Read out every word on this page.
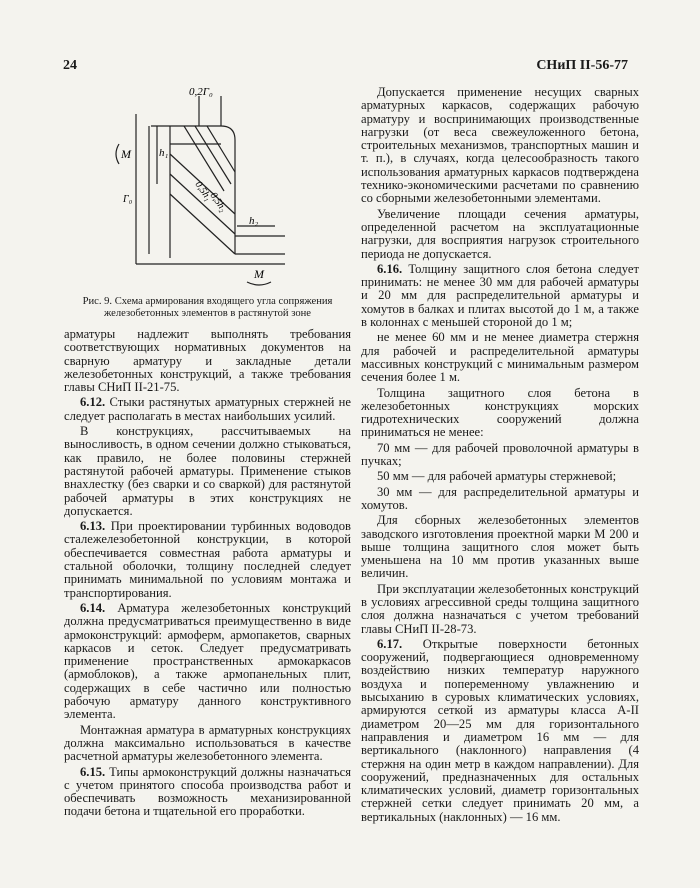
24	СНиП II-56-77
0,2Г₀
M
M
h₁
h₂
0,5h₁
0,5h₂
Г₀
Рис. 9. Схема армирования входящего угла сопряжения железобетонных элементов в растянутой зоне

арматуры надлежит выполнять требования соответствующих нормативных документов на сварную арматуру и закладные детали железобетонных конструкций, а также требования главы СНиП II-21-75.

6.12. Стыки растянутых арматурных стержней не следует располагать в местах наибольших усилий.

В конструкциях, рассчитываемых на выносливость, в одном сечении должно стыковаться, как правило, не более половины стержней растянутой рабочей арматуры. Применение стыков внахлестку (без сварки и со сваркой) для растянутой рабочей арматуры в этих конструкциях не допускается.

6.13. При проектировании турбинных водоводов сталежелезобетонной конструкции, в которой обеспечивается совместная работа арматуры и стальной оболочки, толщину последней следует принимать минимальной по условиям монтажа и транспортирования.

6.14. Арматура железобетонных конструкций должна предусматриваться преимущественно в виде армоконструкций: армоферм, армопакетов, сварных каркасов и сеток. Следует предусматривать применение пространственных армокаркасов (армоблоков), а также армопанельных плит, содержащих в себе частично или полностью рабочую арматуру данного конструктивного элемента.

Монтажная арматура в арматурных конструкциях должна максимально использоваться в качестве расчетной арматуры железобетонного элемента.

6.15. Типы армоконструкций должны назначаться с учетом принятого способа производства работ и обеспечивать возможность механизированной подачи бетона и тщательной его проработки.

Допускается применение несущих сварных арматурных каркасов, содержащих рабочую арматуру и воспринимающих производственные нагрузки (от веса свежеуложенного бетона, строительных механизмов, транспортных машин и т. п.), в случаях, когда целесообразность такого использования арматурных каркасов подтверждена технико-экономическими расчетами по сравнению со сборными железобетонными элементами.

Увеличение площади сечения арматуры, определенной расчетом на эксплуатационные нагрузки, для восприятия нагрузок строительного периода не допускается.

6.16. Толщину защитного слоя бетона следует принимать: не менее 30 мм для рабочей арматуры и 20 мм для распределительной арматуры и хомутов в балках и плитах высотой до 1 м, а также в колоннах с меньшей стороной до 1 м;

не менее 60 мм и не менее диаметра стержня для рабочей и распределительной арматуры массивных конструкций с минимальным размером сечения более 1 м.

Толщина защитного слоя бетона в железобетонных конструкциях морских гидротехнических сооружений должна приниматься не менее:

70 мм — для рабочей проволочной арматуры в пучках;

50 мм — для рабочей арматуры стержневой;

30 мм — для распределительной арматуры и хомутов.

Для сборных железобетонных элементов заводского изготовления проектной марки М 200 и выше толщина защитного слоя может быть уменьшена на 10 мм против указанных выше величин.

При эксплуатации железобетонных конструкций в условиях агрессивной среды толщина защитного слоя должна назначаться с учетом требований главы СНиП II-28-73.

6.17. Открытые поверхности бетонных сооружений, подвергающиеся одновременному воздействию низких температур наружного воздуха и попеременному увлажнению и высыханию в суровых климатических условиях, армируются сеткой из арматуры класса А-II диаметром 20—25 мм для горизонтального направления и диаметром 16 мм — для вертикального (наклонного) направления (4 стержня на один метр в каждом направлении). Для сооружений, предназначенных для остальных климатических условий, диаметр горизонтальных стержней сетки следует принимать 20 мм, а вертикальных (наклонных) — 16 мм.
